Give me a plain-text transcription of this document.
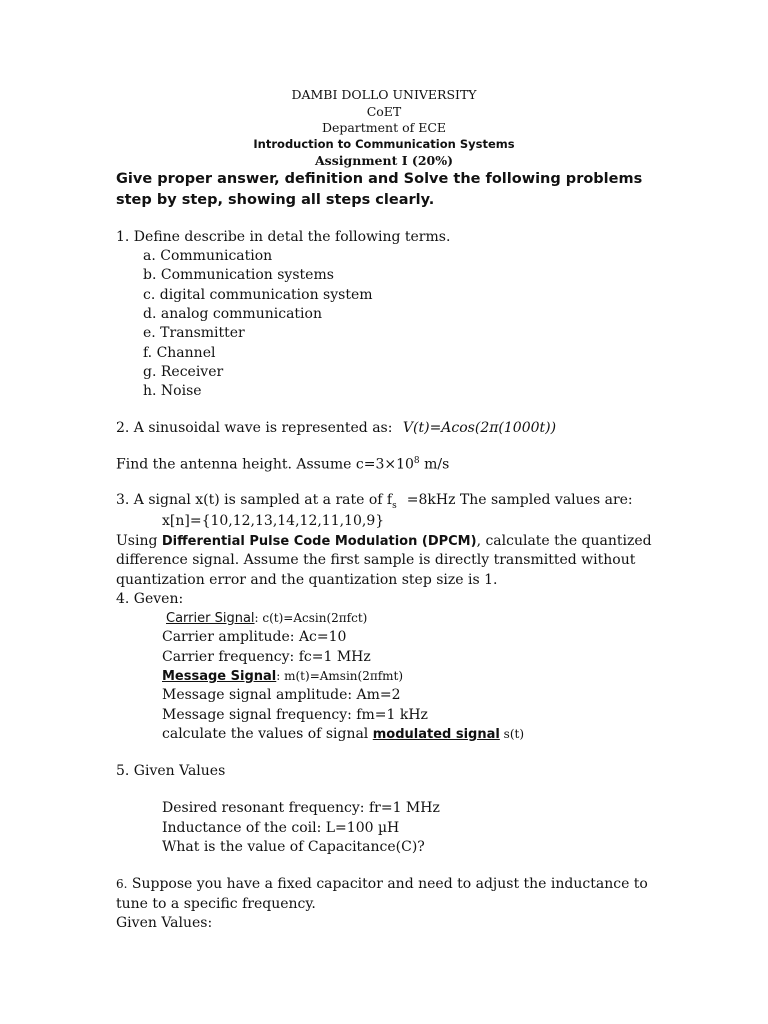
DAMBI DOLLO UNIVERSITY
CoET
Department of ECE
Introduction to Communication Systems
Assignment I (20%)
Give proper answer, definition and Solve the following problems step by step, showing all steps clearly.
1. Define describe in detal the following terms.
a. Communication
b. Communication systems
c. digital communication system
d. analog communication
e. Transmitter
f. Channel
g. Receiver
h. Noise
2. A sinusoidal wave is represented as: V(t)=Acos(2π(1000t))
Find the antenna height. Assume $c=3\times 10^8$ m/s
3. A signal x(t) is sampled at a rate of $f_s =8kHz$ The sampled values are:
x[n]={10,12,13,14,12,11,10,9}
Using Differential Pulse Code Modulation (DPCM), calculate the quantized
difference signal. Assume the first sample is directly transmitted without
quantization error and the quantization step size is 1.
4. Geven:
Carrier Signal: c(t)=Acsin(2πfct)
Carrier amplitude: Ac=10
Carrier frequency: fc=1 MHz
Message Signal: m(t)=Amsin(2πfmt)
Message signal amplitude: Am=2
Message signal frequency: fm=1 kHz
calculate the values of signal modulated signal s(t)
5. Given Values
Desired resonant frequency: fr=1 MHz
Inductance of the coil: L=100 µH
What is the value of Capacitance(C)?
6. Suppose you have a fixed capacitor and need to adjust the inductance to
tune to a specific frequency.
Given Values:
